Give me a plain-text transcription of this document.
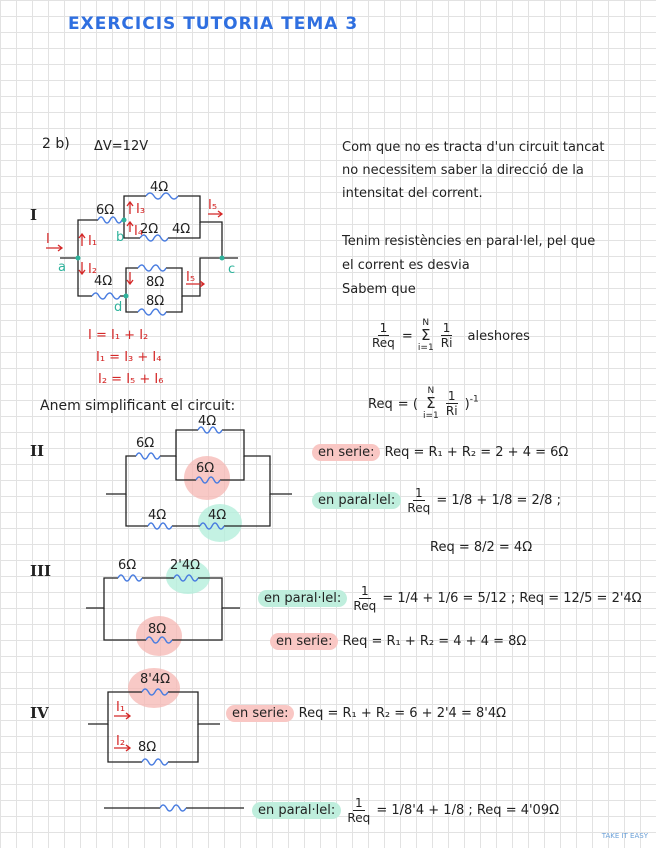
EXERCICIS TUTORIA TEMA 3
2 b) ΔV=12V
I
4Ω
6Ω
2Ω 4Ω
4Ω	8Ω
8Ω
I	I₁
I₃
I₄
I₅
I₂
I₅
a
b
c
d
I = I₁ + I₂
I₁ = I₃ + I₄
I₂ = I₅ + I₆
Com que no es tracta d'un circuit tancat
no necessitem saber la direcció de la
intensitat del corrent.
Tenim resistències en paral·lel, pel que
el corrent es desvia
Sabem que
$\frac{1}{\text{Req}}$ =
N
Σ
i=1
$\frac{1}{Ri}$ aleshores
Req = (
N
Σ
i=1
$\frac{1}{Ri} )^{-1}$
Anem simplificant el circuit:
II
4Ω
6Ω
6Ω
4Ω	4Ω
en serie: Req = R₁ + R₂ = 2 + 4 = 6Ω
en paral·lel: $\frac{1}{\text{Req}} = 1/8 + 1/8 = 2/8$ ;
Req = 8/2 = 4Ω
III	6Ω	2'4Ω
8Ω
en paral·lel: $\frac{1}{\text{Req}} = 1/4 + 1/6 = 5/12$ ; Req = 12/5 = 2'4Ω
en serie: Req = R₁ + R₂ = 4 + 4 = 8Ω
IV
8'4Ω
8Ω
I₁
I₂
en serie: Req = R₁ + R₂ = 6 + 2'4 = 8'4Ω
en paral·lel: $\frac{1}{\text{Req}} = 1/8'4 + 1/8$ ; Req = 4'09Ω
TAKE IT EASY
